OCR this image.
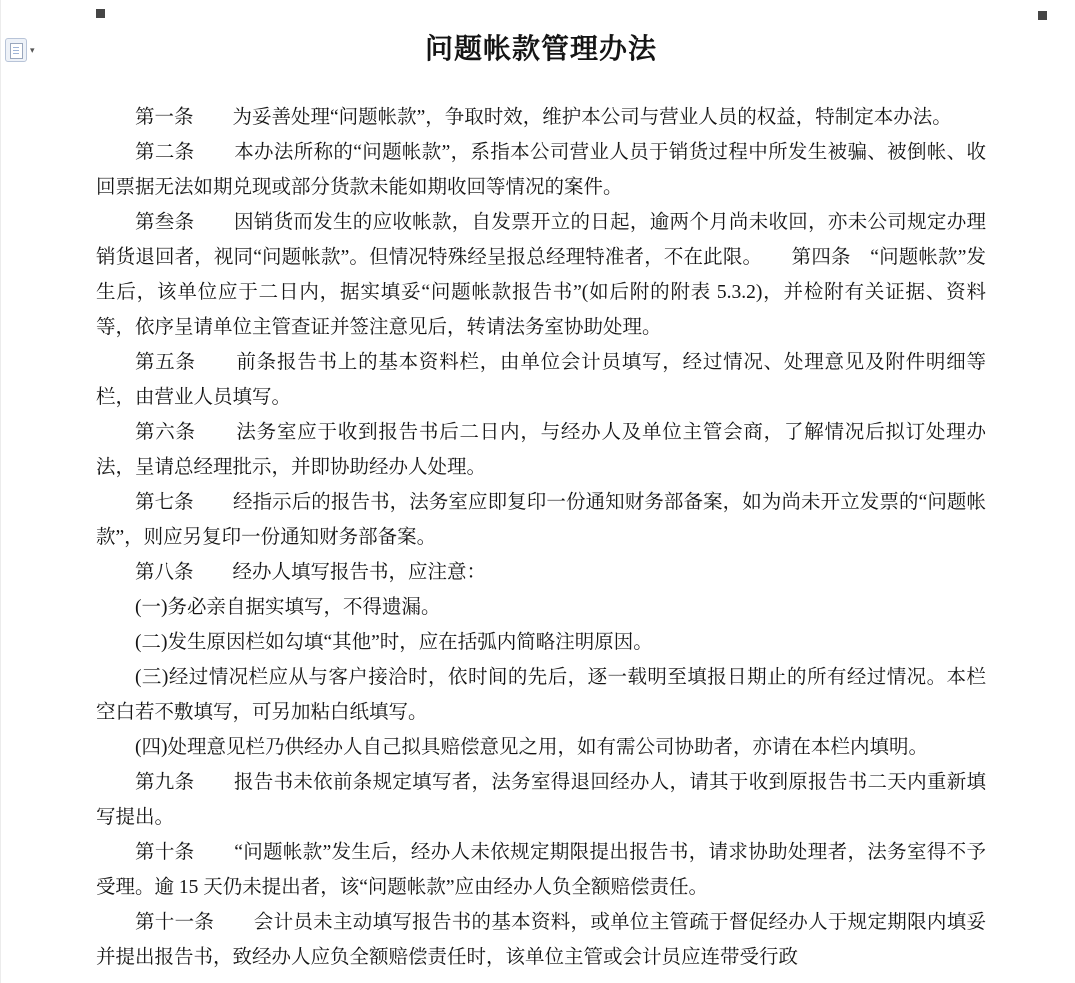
▾	问题帐款管理办法

第一条　　为妥善处理“问题帐款”，争取时效，维护本公司与营业人员的权益，特制定本办法。

第二条　　本办法所称的“问题帐款”，系指本公司营业人员于销货过程中所发生被骗、被倒帐、收回票据无法如期兑现或部分货款未能如期收回等情况的案件。

第叁条　　因销货而发生的应收帐款，自发票开立的日起，逾两个月尚未收回，亦未公司规定办理销货退回者，视同“问题帐款”。但情况特殊经呈报总经理特准者，不在此限。　　第四条　“问题帐款”发生后，该单位应于二日内，据实填妥“问题帐款报告书”(如后附的附表 5.3.2)，并检附有关证据、资料等，依序呈请单位主管查证并签注意见后，转请法务室协助处理。

第五条　　前条报告书上的基本资料栏，由单位会计员填写，经过情况、处理意见及附件明细等栏，由营业人员填写。

第六条　　法务室应于收到报告书后二日内，与经办人及单位主管会商，了解情况后拟订处理办法，呈请总经理批示，并即协助经办人处理。

第七条　　经指示后的报告书，法务室应即复印一份通知财务部备案，如为尚未开立发票的“问题帐款”，则应另复印一份通知财务部备案。

第八条　　经办人填写报告书，应注意：

(一)务必亲自据实填写，不得遗漏。

(二)发生原因栏如勾填“其他”时，应在括弧内简略注明原因。

(三)经过情况栏应从与客户接洽时，依时间的先后，逐一载明至填报日期止的所有经过情况。本栏空白若不敷填写，可另加粘白纸填写。

(四)处理意见栏乃供经办人自己拟具赔偿意见之用，如有需公司协助者，亦请在本栏内填明。

第九条　　报告书未依前条规定填写者，法务室得退回经办人，请其于收到原报告书二天内重新填写提出。

第十条　　“问题帐款”发生后，经办人未依规定期限提出报告书，请求协助处理者，法务室得不予受理。逾 15 天仍未提出者，该“问题帐款”应由经办人负全额赔偿责任。

第十一条　　会计员未主动填写报告书的基本资料，或单位主管疏于督促经办人于规定期限内填妥并提出报告书，致经办人应负全额赔偿责任时，该单位主管或会计员应连带受行政
